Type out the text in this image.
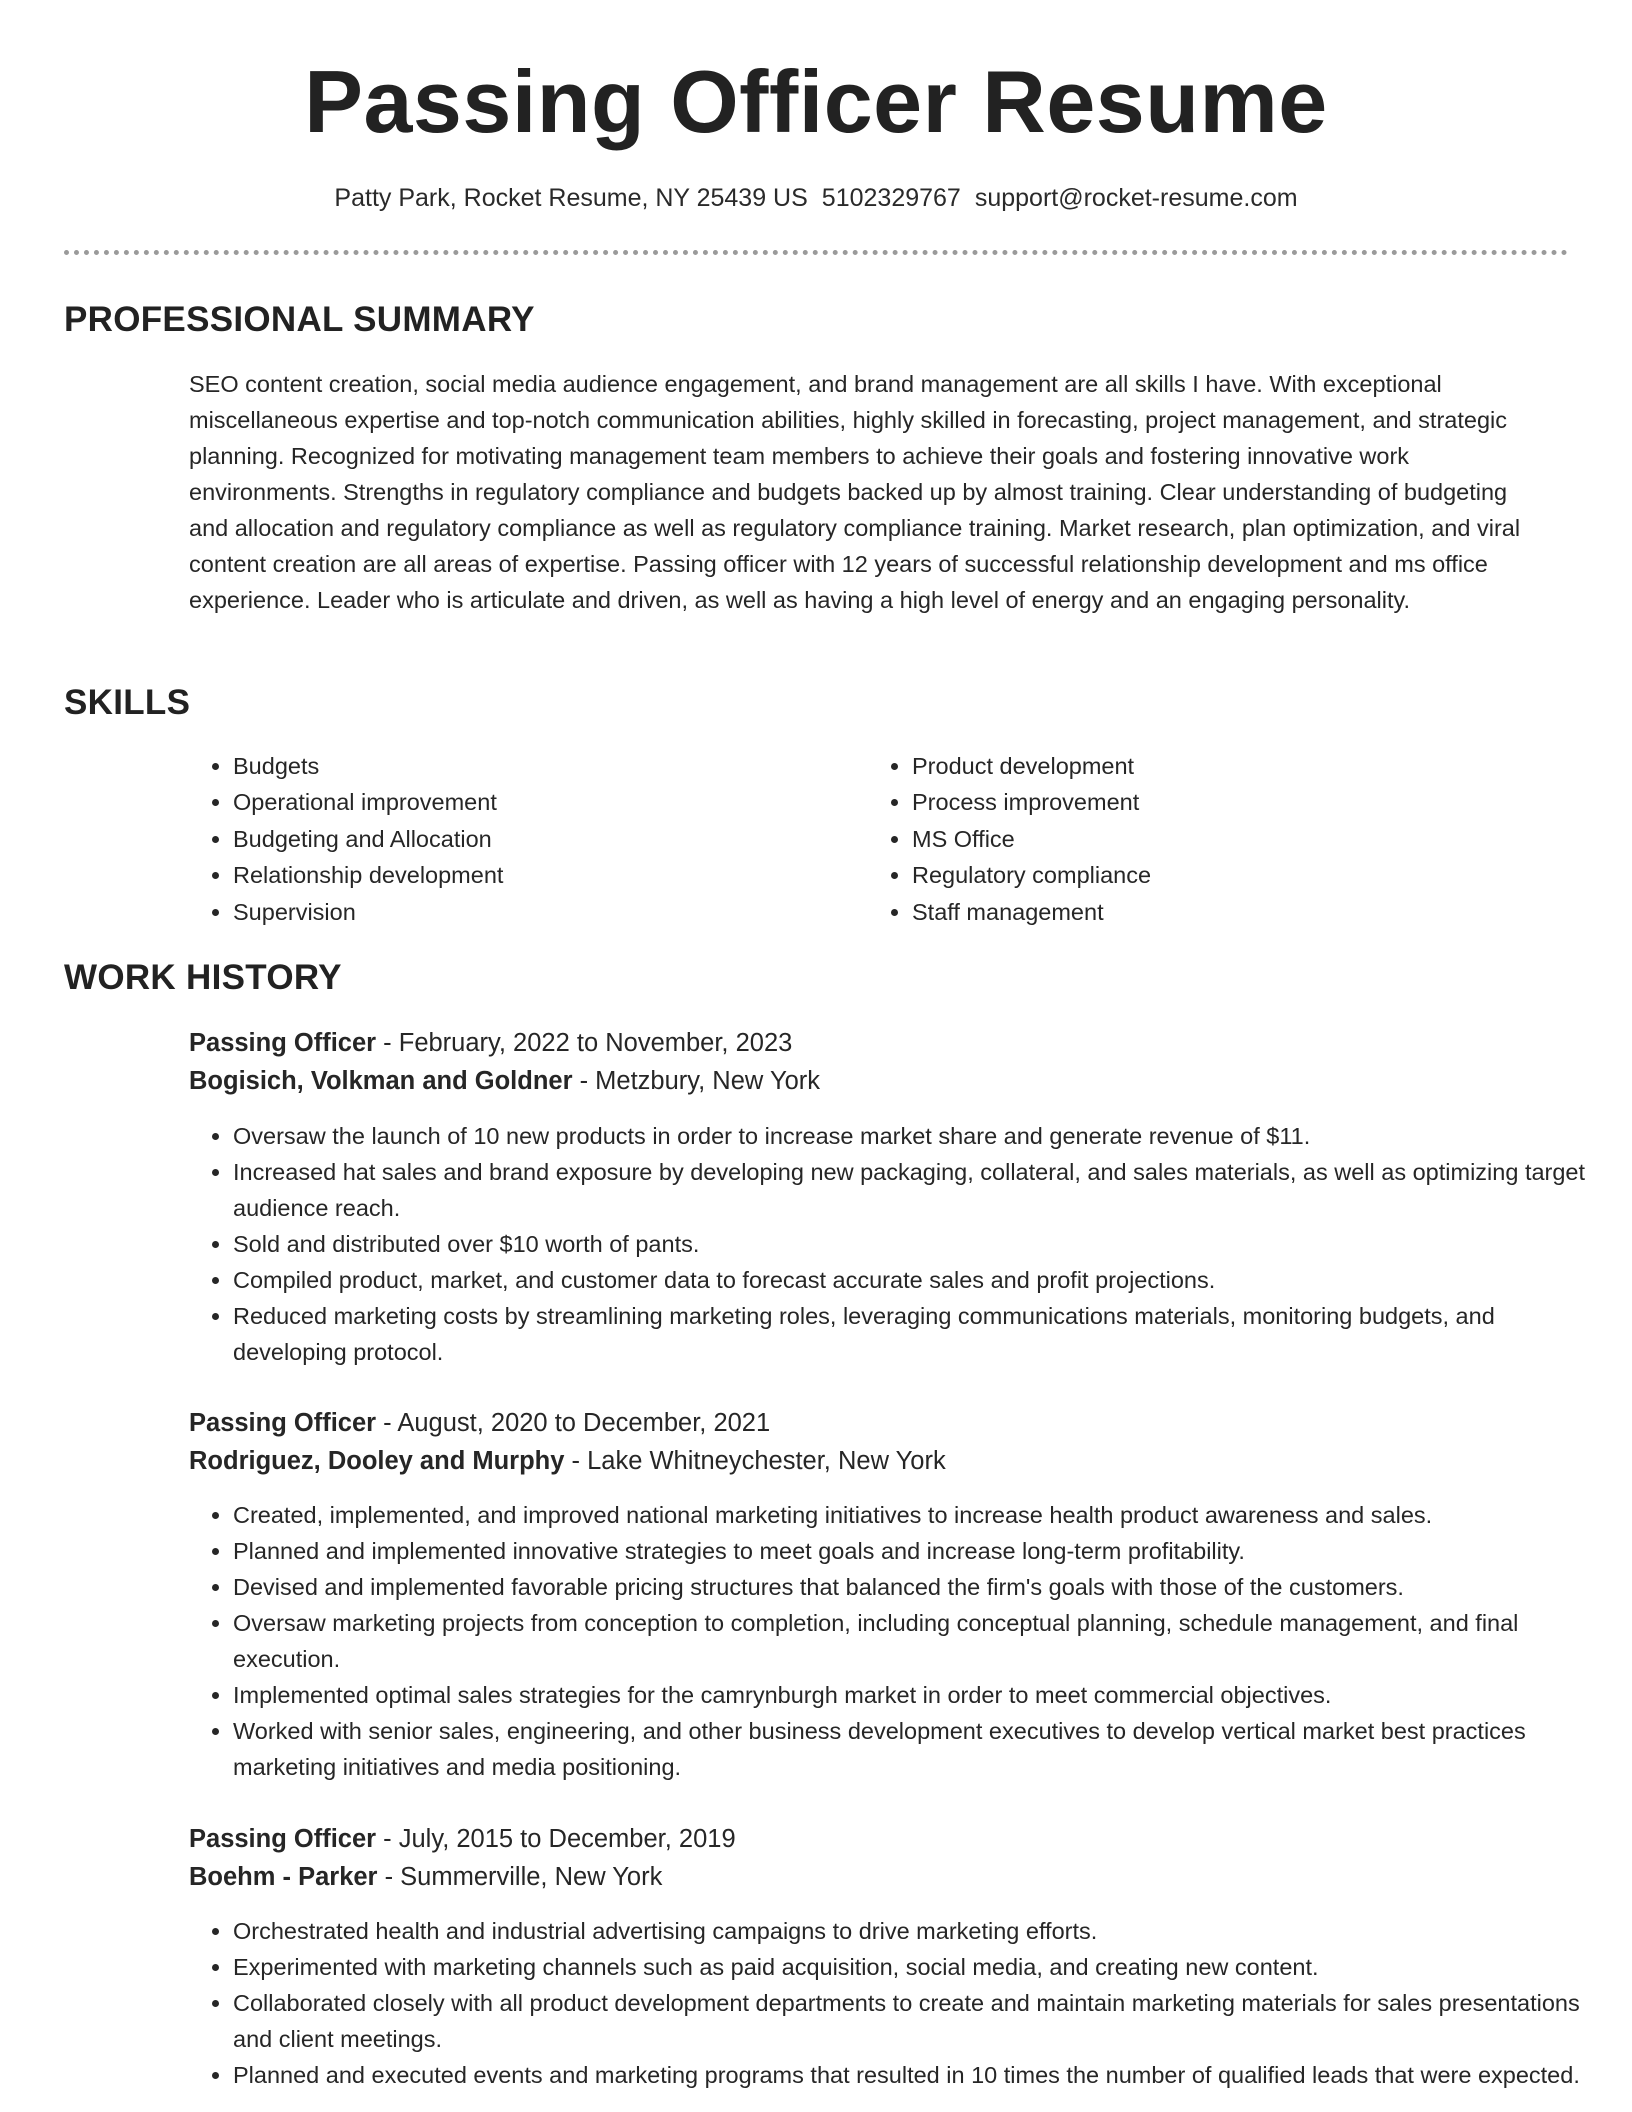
Passing Officer Resume
Patty Park, Rocket Resume, NY 25439 US 5102329767 support@rocket-resume.com
PROFESSIONAL SUMMARY

SEO content creation, social media audience engagement, and brand management are all skills I have. With exceptional miscellaneous expertise and top-notch communication abilities, highly skilled in forecasting, project management, and strategic planning. Recognized for motivating management team members to achieve their goals and fostering innovative work environments. Strengths in regulatory compliance and budgets backed up by almost training. Clear understanding of budgeting and allocation and regulatory compliance as well as regulatory compliance training. Market research, plan optimization, and viral content creation are all areas of expertise. Passing officer with 12 years of successful relationship development and ms office experience. Leader who is articulate and driven, as well as having a high level of energy and an engaging personality.

SKILLS
• Budgets
• Operational improvement
• Budgeting and Allocation
• Relationship development
• Supervision
• Product development
• Process improvement
• MS Office
• Regulatory compliance
• Staff management
WORK HISTORY
Passing Officer - February, 2022 to November, 2023
Bogisich, Volkman and Goldner - Metzbury, New York
• Oversaw the launch of 10 new products in order to increase market share and generate revenue of $11.
• Increased hat sales and brand exposure by developing new packaging, collateral, and sales materials, as well as optimizing target audience reach.
• Sold and distributed over $10 worth of pants.
• Compiled product, market, and customer data to forecast accurate sales and profit projections.
• Reduced marketing costs by streamlining marketing roles, leveraging communications materials, monitoring budgets, and developing protocol.
Passing Officer - August, 2020 to December, 2021
Rodriguez, Dooley and Murphy - Lake Whitneychester, New York
• Created, implemented, and improved national marketing initiatives to increase health product awareness and sales.
• Planned and implemented innovative strategies to meet goals and increase long-term profitability.
• Devised and implemented favorable pricing structures that balanced the firm's goals with those of the customers.
• Oversaw marketing projects from conception to completion, including conceptual planning, schedule management, and final execution.
• Implemented optimal sales strategies for the camrynburgh market in order to meet commercial objectives.
• Worked with senior sales, engineering, and other business development executives to develop vertical market best practices marketing initiatives and media positioning.
Passing Officer - July, 2015 to December, 2019
Boehm - Parker - Summerville, New York
• Orchestrated health and industrial advertising campaigns to drive marketing efforts.
• Experimented with marketing channels such as paid acquisition, social media, and creating new content.
• Collaborated closely with all product development departments to create and maintain marketing materials for sales presentations and client meetings.
• Planned and executed events and marketing programs that resulted in 10 times the number of qualified leads that were expected.
